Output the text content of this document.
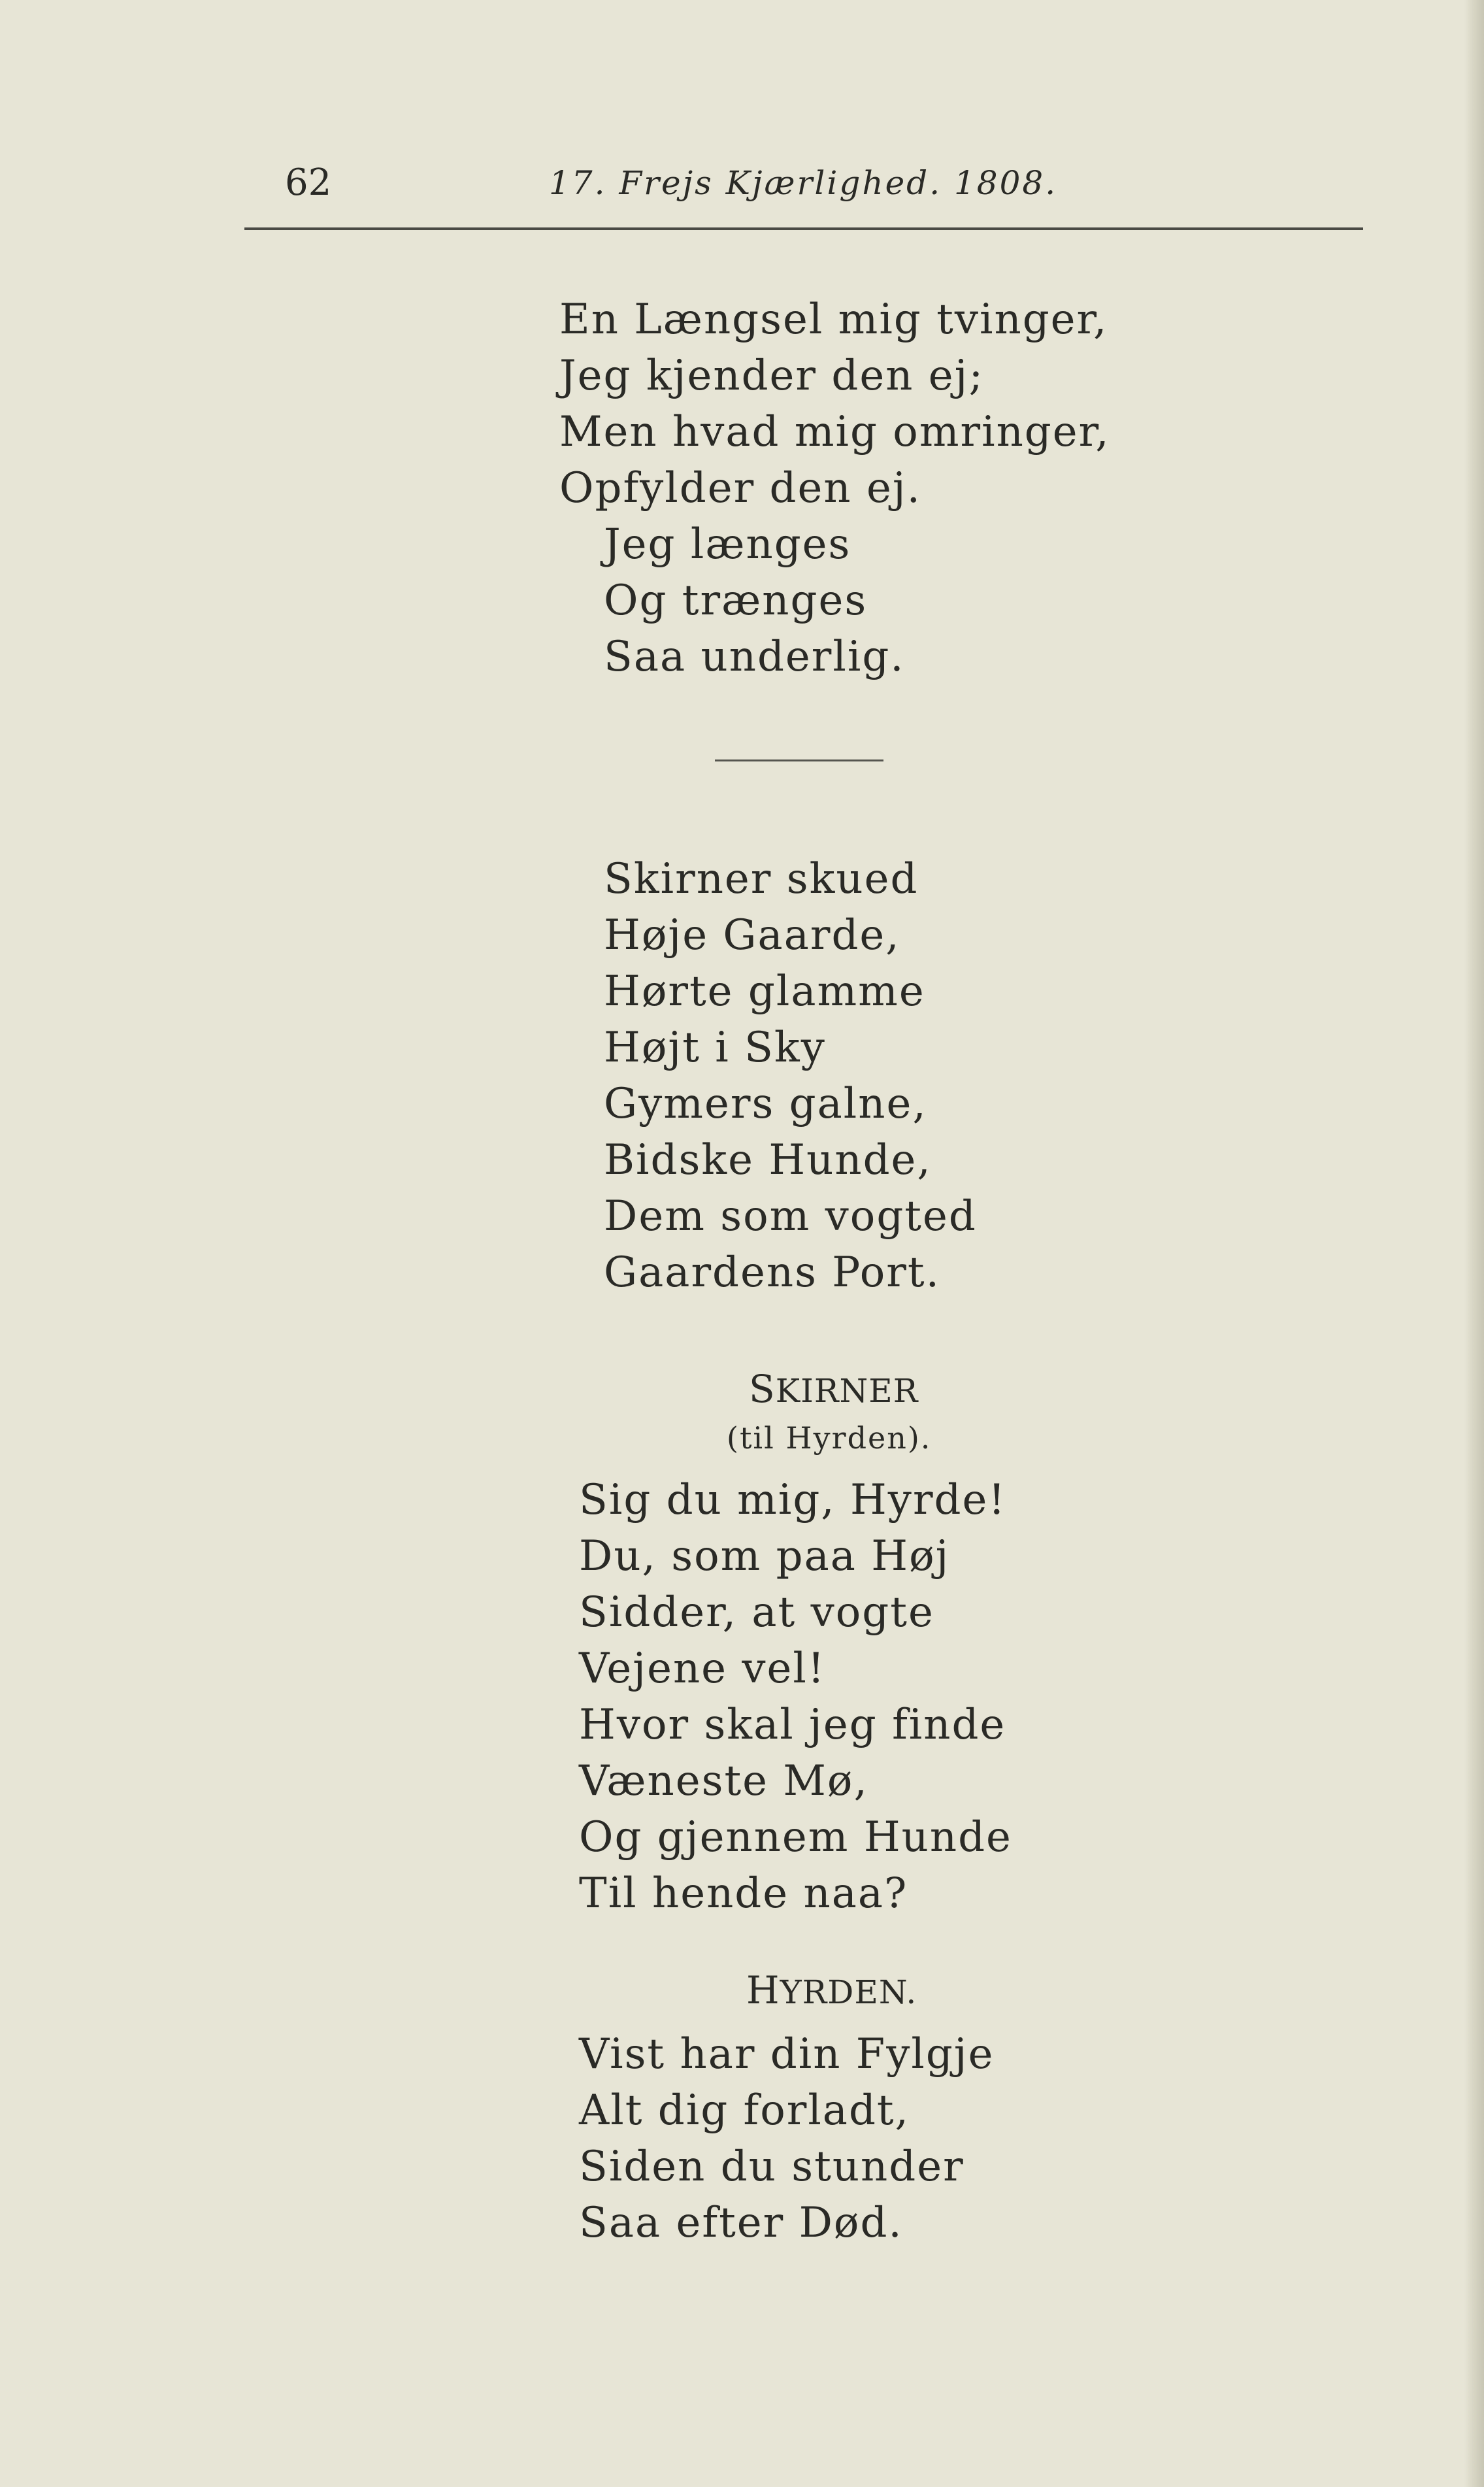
62	17. Frejs Kjærlighed. 1808.
En Længsel mig tvinger,
Jeg kjender den ej;
Men hvad mig omringer,
Opfylder den ej.
Jeg længes
Og trænges
Saa underlig.
Skirner skued
Høje Gaarde,
Hørte glamme
Højt i Sky
Gymers galne,
Bidske Hunde,
Dem som vogted
Gaardens Port.
SKIRNER
(til Hyrden).
Sig du mig, Hyrde!
Du, som paa Høj
Sidder, at vogte
Vejene vel!
Hvor skal jeg finde
Væneste Mø,
Og gjennem Hunde
Til hende naa?
HYRDEN.
Vist har din Fylgje
Alt dig forladt,
Siden du stunder
Saa efter Død.
